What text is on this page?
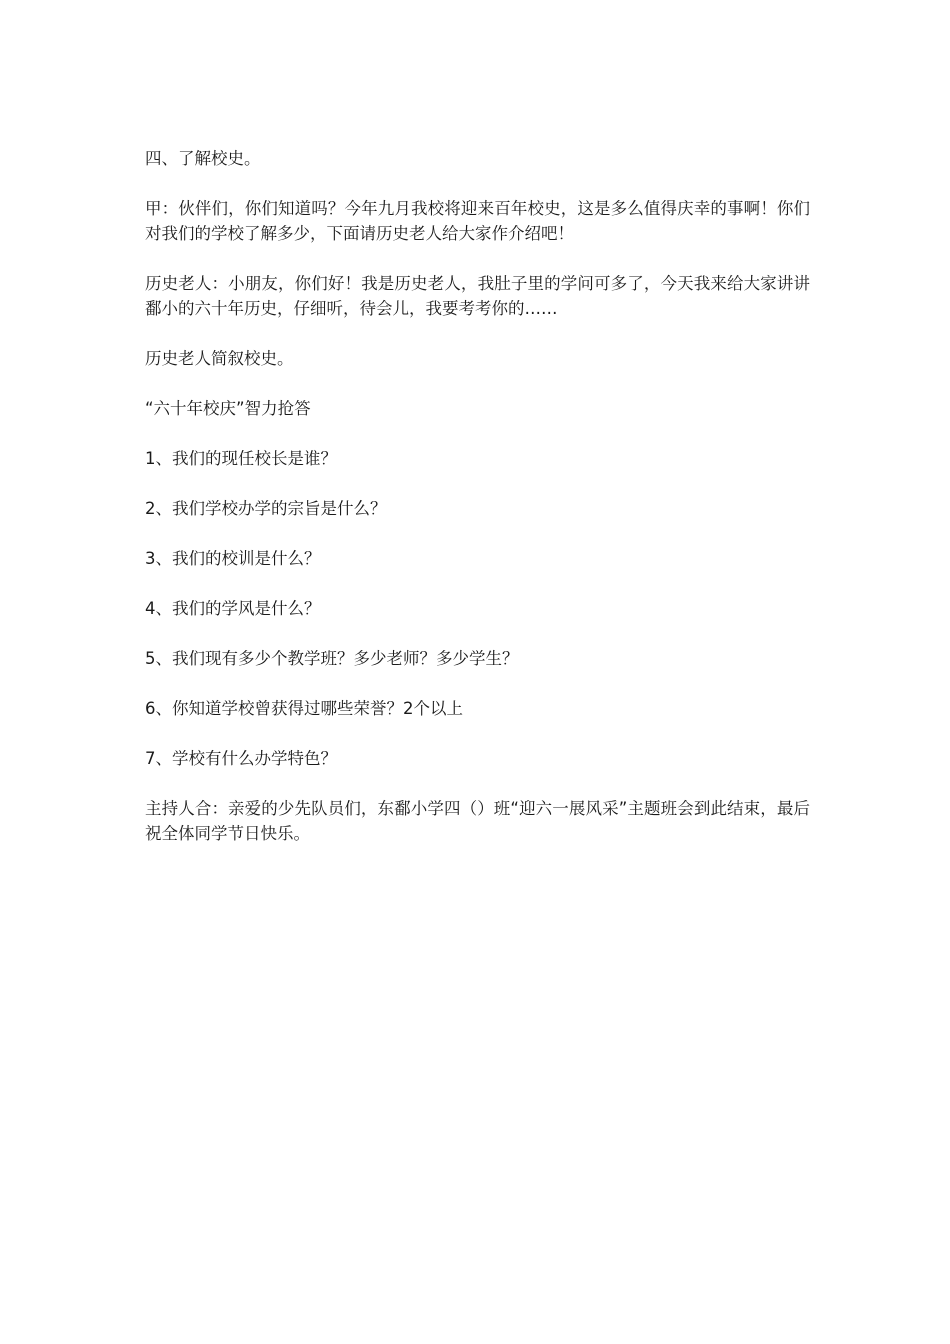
四、了解校史。

甲：伙伴们，你们知道吗？今年九月我校将迎来百年校史，这是多么值得庆幸的事啊！你们对我们的学校了解多少，下面请历史老人给大家作介绍吧！

历史老人：小朋友，你们好！我是历史老人，我肚子里的学问可多了，今天我来给大家讲讲鄱小的六十年历史，仔细听，待会儿，我要考考你的……

历史老人简叙校史。

“六十年校庆”智力抢答

1、我们的现任校长是谁？
2、我们学校办学的宗旨是什么？
3、我们的校训是什么？
4、我们的学风是什么？
5、我们现有多少个教学班？多少老师？多少学生？
6、你知道学校曾获得过哪些荣誉？2个以上
7、学校有什么办学特色？

主持人合：亲爱的少先队员们，东鄱小学四（）班“迎六一展风采”主题班会到此结束，最后祝全体同学节日快乐。
